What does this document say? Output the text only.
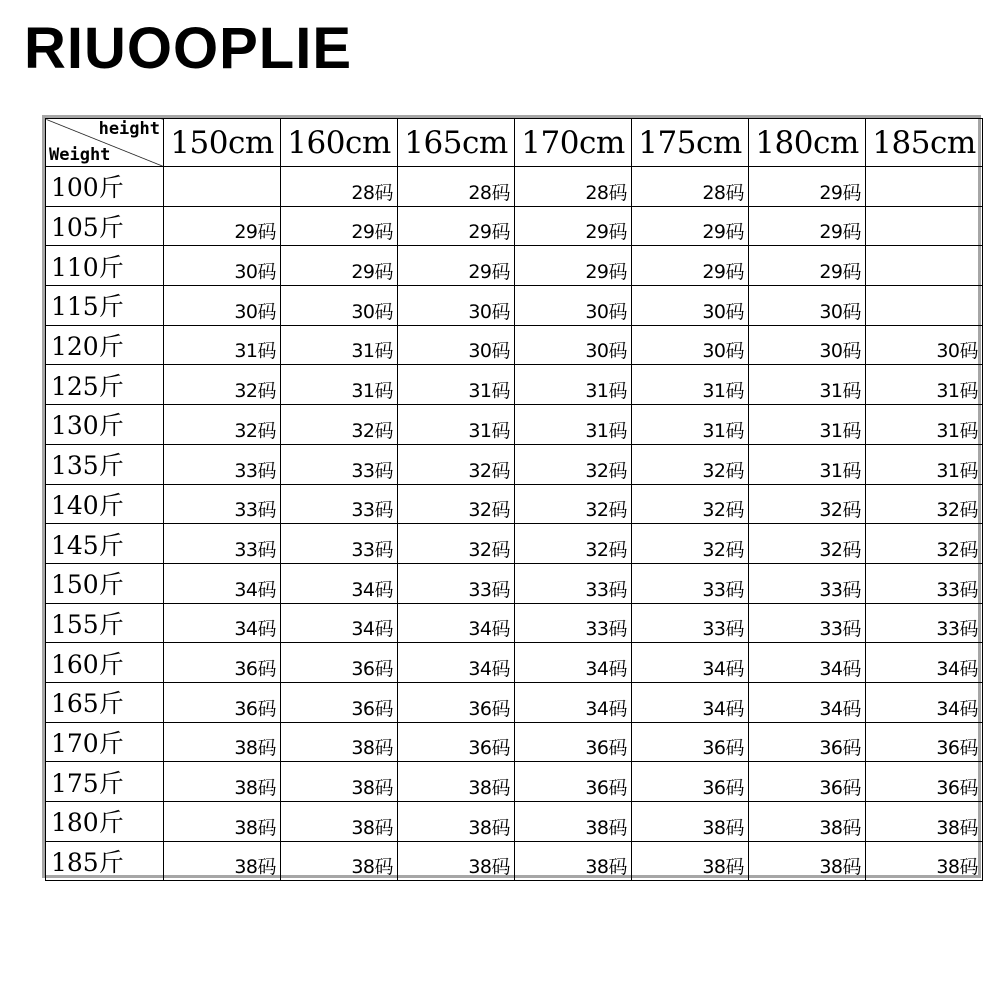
RIUOOPLIE
height
Weight	150cm	160cm	165cm	170cm	175cm	180cm	185cm
100斤		28码	28码	28码	28码	29码	
105斤	29码	29码	29码	29码	29码	29码	
110斤	30码	29码	29码	29码	29码	29码	
115斤	30码	30码	30码	30码	30码	30码	
120斤	31码	31码	30码	30码	30码	30码	30码
125斤	32码	31码	31码	31码	31码	31码	31码
130斤	32码	32码	31码	31码	31码	31码	31码
135斤	33码	33码	32码	32码	32码	31码	31码
140斤	33码	33码	32码	32码	32码	32码	32码
145斤	33码	33码	32码	32码	32码	32码	32码
150斤	34码	34码	33码	33码	33码	33码	33码
155斤	34码	34码	34码	33码	33码	33码	33码
160斤	36码	36码	34码	34码	34码	34码	34码
165斤	36码	36码	36码	34码	34码	34码	34码
170斤	38码	38码	36码	36码	36码	36码	36码
175斤	38码	38码	38码	36码	36码	36码	36码
180斤	38码	38码	38码	38码	38码	38码	38码
185斤	38码	38码	38码	38码	38码	38码	38码
